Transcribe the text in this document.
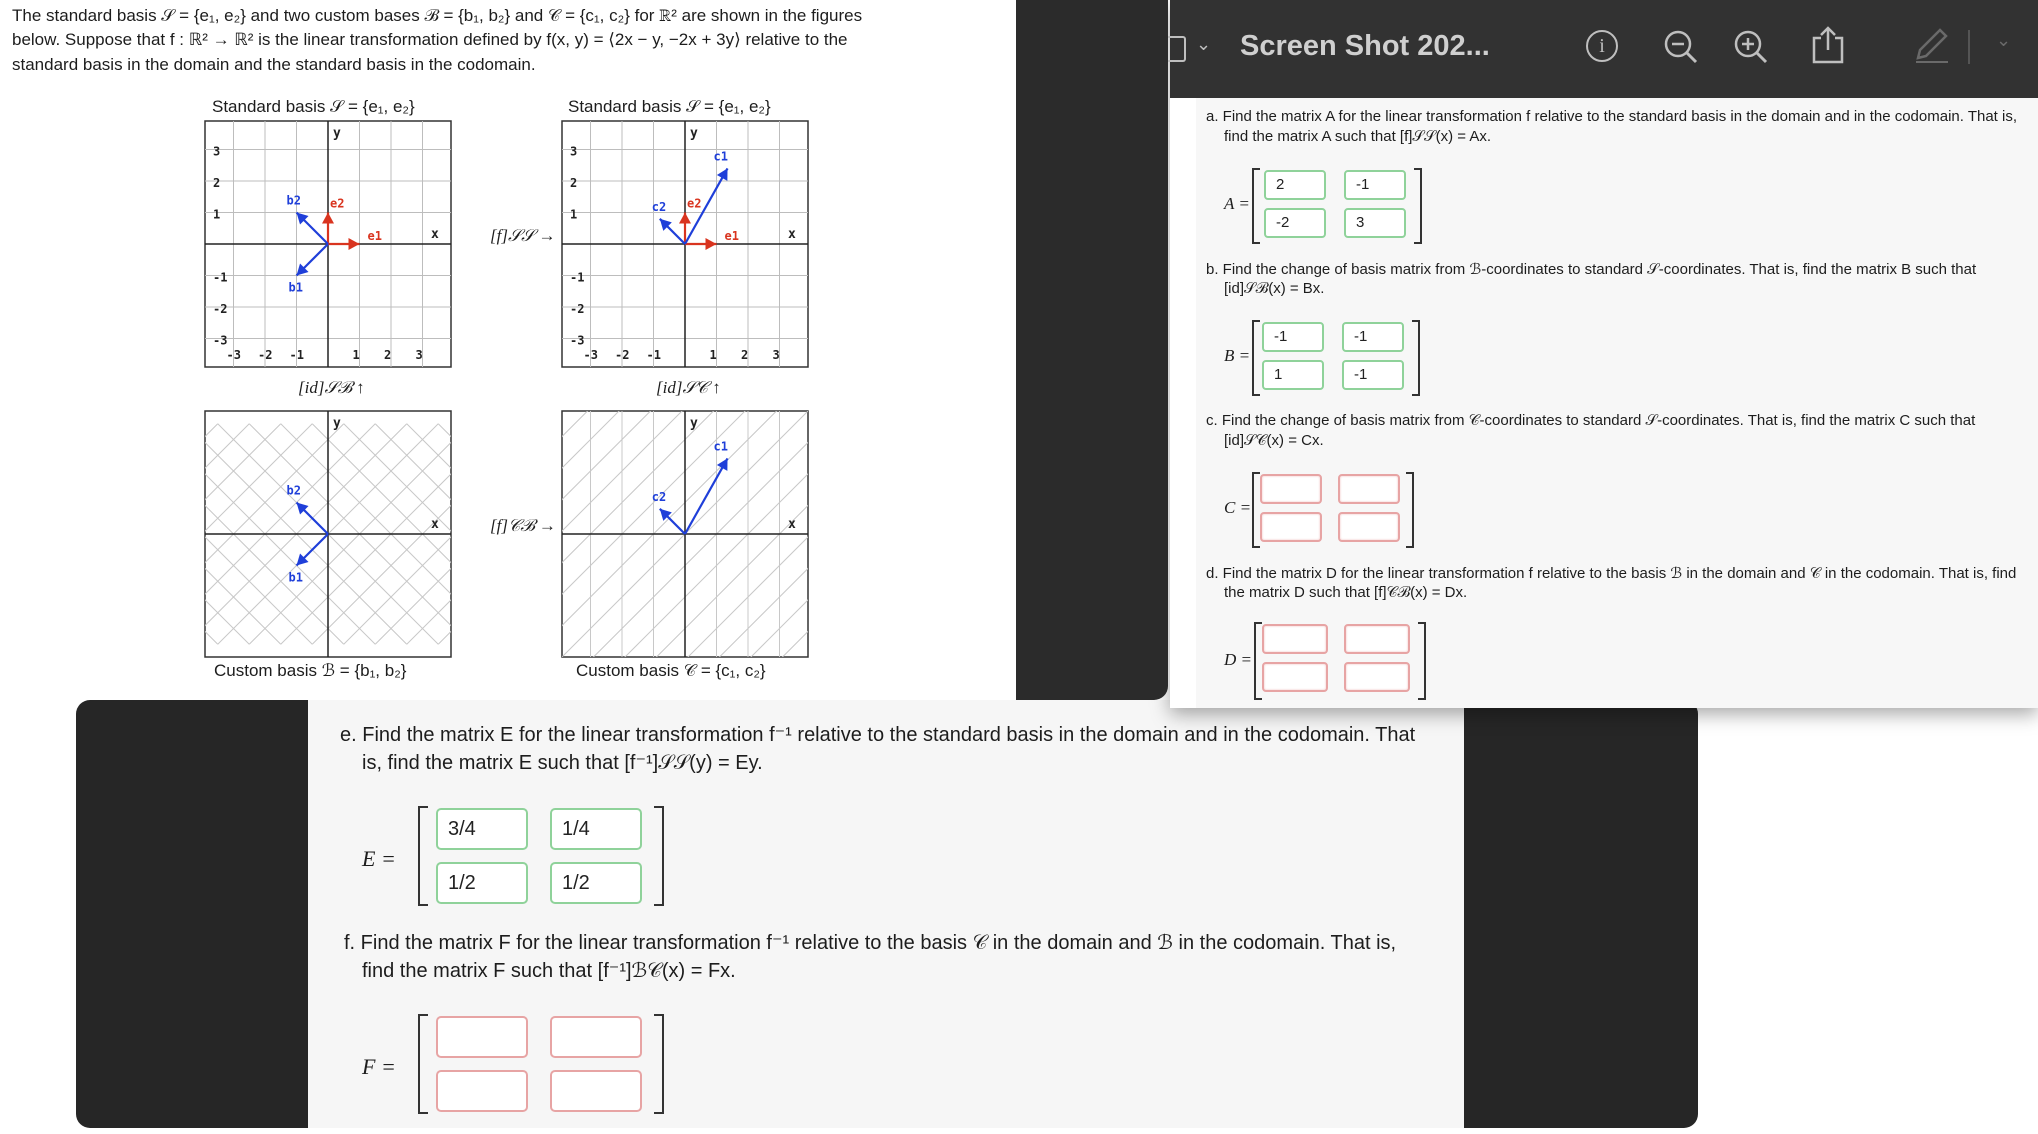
e. Find the matrix E for the linear transformation f⁻¹ relative to the standard basis in the domain and in the codomain. That
is, find the matrix E such that [f⁻¹]𝒮𝒮(y) = Ey.
E =
3/4	1/4
1/2	1/2
f. Find the matrix F for the linear transformation f⁻¹ relative to the basis 𝒞 in the domain and ℬ in the codomain. That is,
find the matrix F such that [f⁻¹]ℬ𝒞(x) = Fx.
F =
⌄ Screen Shot 202...	i	⌄
a. Find the matrix A for the linear transformation f relative to the standard basis in the domain and in the codomain. That is,
find the matrix A such that [f]𝒮𝒮(x) = Ax.
A =
2	-1
-2	3
b. Find the change of basis matrix from ℬ-coordinates to standard 𝒮-coordinates. That is, find the matrix B such that
[id]𝒮ℬ(x) = Bx.
B =
-1	-1
1	-1
c. Find the change of basis matrix from 𝒞-coordinates to standard 𝒮-coordinates. That is, find the matrix C such that
[id]𝒮𝒞(x) = Cx.
C =
d. Find the matrix D for the linear transformation f relative to the basis ℬ in the domain and 𝒞 in the codomain. That is, find
the matrix D such that [f]𝒞ℬ(x) = Dx.
D =
The standard basis 𝒮 = {e₁, e₂} and two custom bases ℬ = {b₁, b₂} and 𝒞 = {c₁, c₂} for ℝ² are shown in the figures
below. Suppose that f : ℝ² → ℝ² is the linear transformation defined by f(x, y) = ⟨2x − y, −2x + 3y⟩ relative to the
standard basis in the domain and the standard basis in the codomain.
Standard basis 𝒮 = {e₁, e₂}	Standard basis 𝒮 = {e₁, e₂}
Custom basis ℬ = {b₁, b₂}	Custom basis 𝒞 = {c₁, c₂}
[f]𝒮𝒮 →
[f]𝒞ℬ →
[id]𝒮ℬ ↑	[id]𝒮𝒞 ↑
3
2
1
-1
-2
-3
-3 -2 -1	1 2 3
y
x
e1
e2
b1
b2
3
2
1
-1
-2
-3
-3 -2 -1	1 2 3
y
x
e1
e2
c1
c2
y
x
b1
b2
y
x
c1
c2
